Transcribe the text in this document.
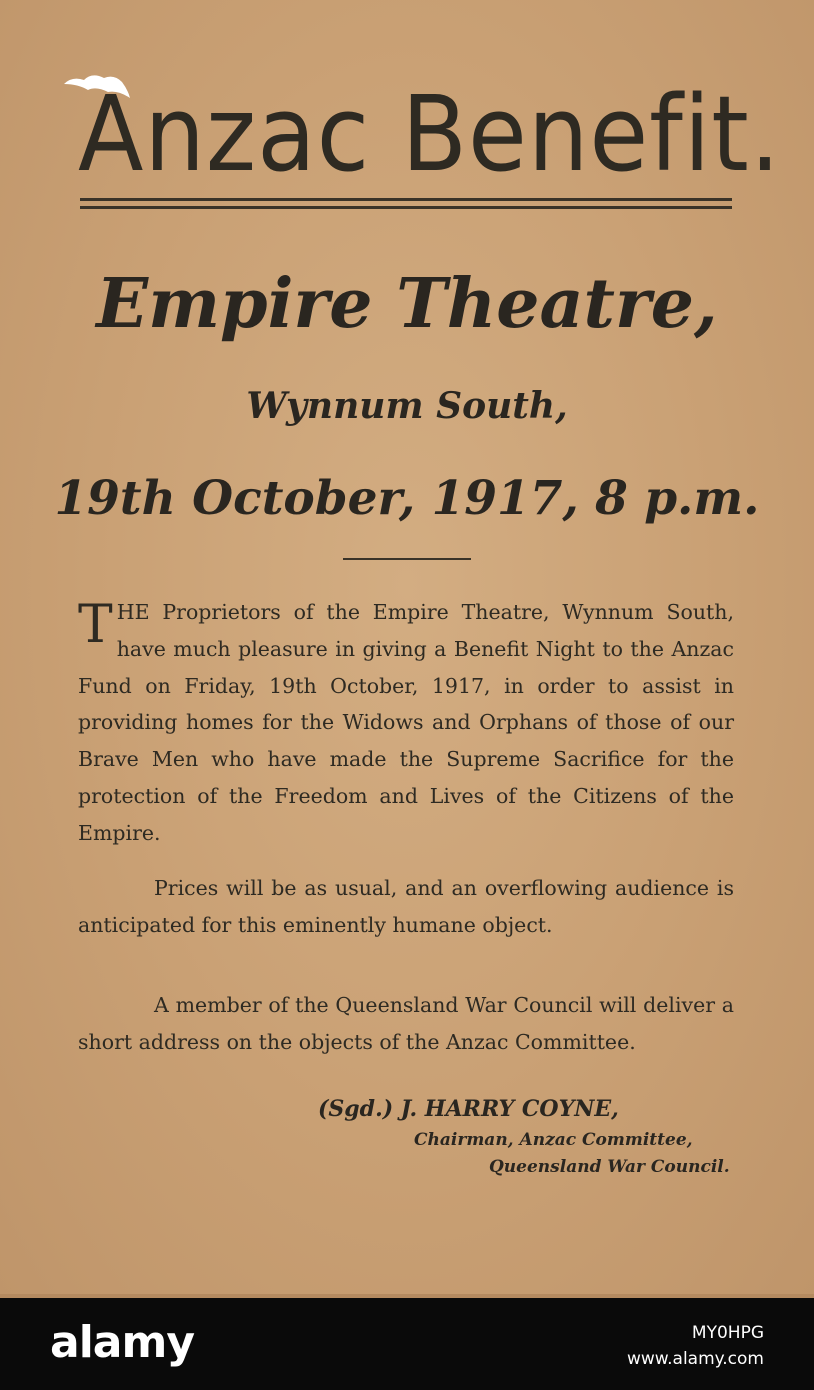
Anzac Benefit.
Empire Theatre,
Wynnum South,
19th October, 1917, 8 p.m.

THE Proprietors of the Empire Theatre, Wynnum South, have much pleasure in giving a Benefit Night to the Anzac Fund on Friday, 19th October, 1917, in order to assist in providing homes for the Widows and Orphans of those of our Brave Men who have made the Supreme Sacrifice for the protection of the Freedom and Lives of the Citizens of the Empire.

Prices will be as usual, and an overflowing audience is anticipated for this eminently humane object.

A member of the Queensland War Council will deliver a short address on the objects of the Anzac Committee.

(Sgd.) J. HARRY COYNE,
Chairman, Anzac Committee,
Queensland War Council.
alamy	MY0HPG
www.alamy.com
